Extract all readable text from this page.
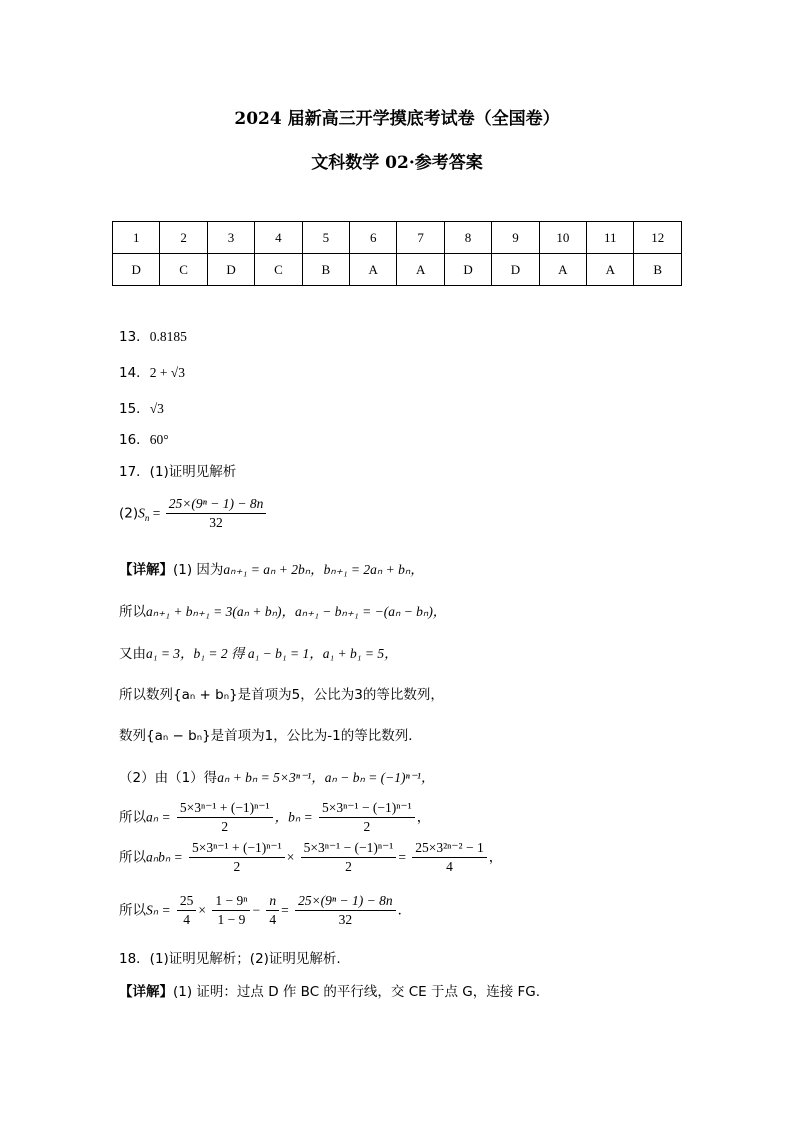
2024 届新高三开学摸底考试卷（全国卷）
文科数学 02·参考答案
1	2	3	4	5	6	7	8	9	10	11	12
D	C	D	C	B	A	A	D	D	A	A	B
13．0.8185
14．2 + √3
15．√3
16．60°
17．(1)证明见解析
$(2)S_n = \frac{\text{25×(9ⁿ − 1) − 8n}}{32}$
【详解】(1) 因为aₙ₊₁ = aₙ + 2bₙ，bₙ₊₁ = 2aₙ + bₙ，
所以aₙ₊₁ + bₙ₊₁ = 3(aₙ + bₙ)，aₙ₊₁ − bₙ₊₁ = −(aₙ − bₙ)，
又由a₁ = 3，b₁ = 2 得 a₁ − b₁ = 1，a₁ + b₁ = 5，
所以数列{aₙ + bₙ}是首项为5，公比为3的等比数列，
数列{aₙ − bₙ}是首项为1，公比为-1的等比数列．
（2）由（1）得aₙ + bₙ = 5×3ⁿ⁻¹，aₙ − bₙ = (−1)ⁿ⁻¹，
所以$a_n = \frac{\text{5×3ⁿ⁻¹ + (−1)ⁿ⁻¹}}{2}$ ，$b_n = \frac{\text{5×3ⁿ⁻¹ − (−1)ⁿ⁻¹}}{2}$ ，
所以$a_nb_n = \frac{\text{5×3ⁿ⁻¹ + (−1)ⁿ⁻¹}}{2} \times \frac{\text{5×3ⁿ⁻¹ − (−1)ⁿ⁻¹}}{2} = \frac{\text{25×3²ⁿ⁻² − 1}}{4}$ ，
所以$S_n = \frac{25}{4} \times \frac{\text{1 − 9ⁿ}}{1 - 9} - \frac{n}{4} = \frac{\text{25×(9ⁿ − 1) − 8n}}{32}$ ．
18．(1)证明见解析；(2)证明见解析.
【详解】(1) 证明：过点 D 作 BC 的平行线，交 CE 于点 G，连接 FG.
